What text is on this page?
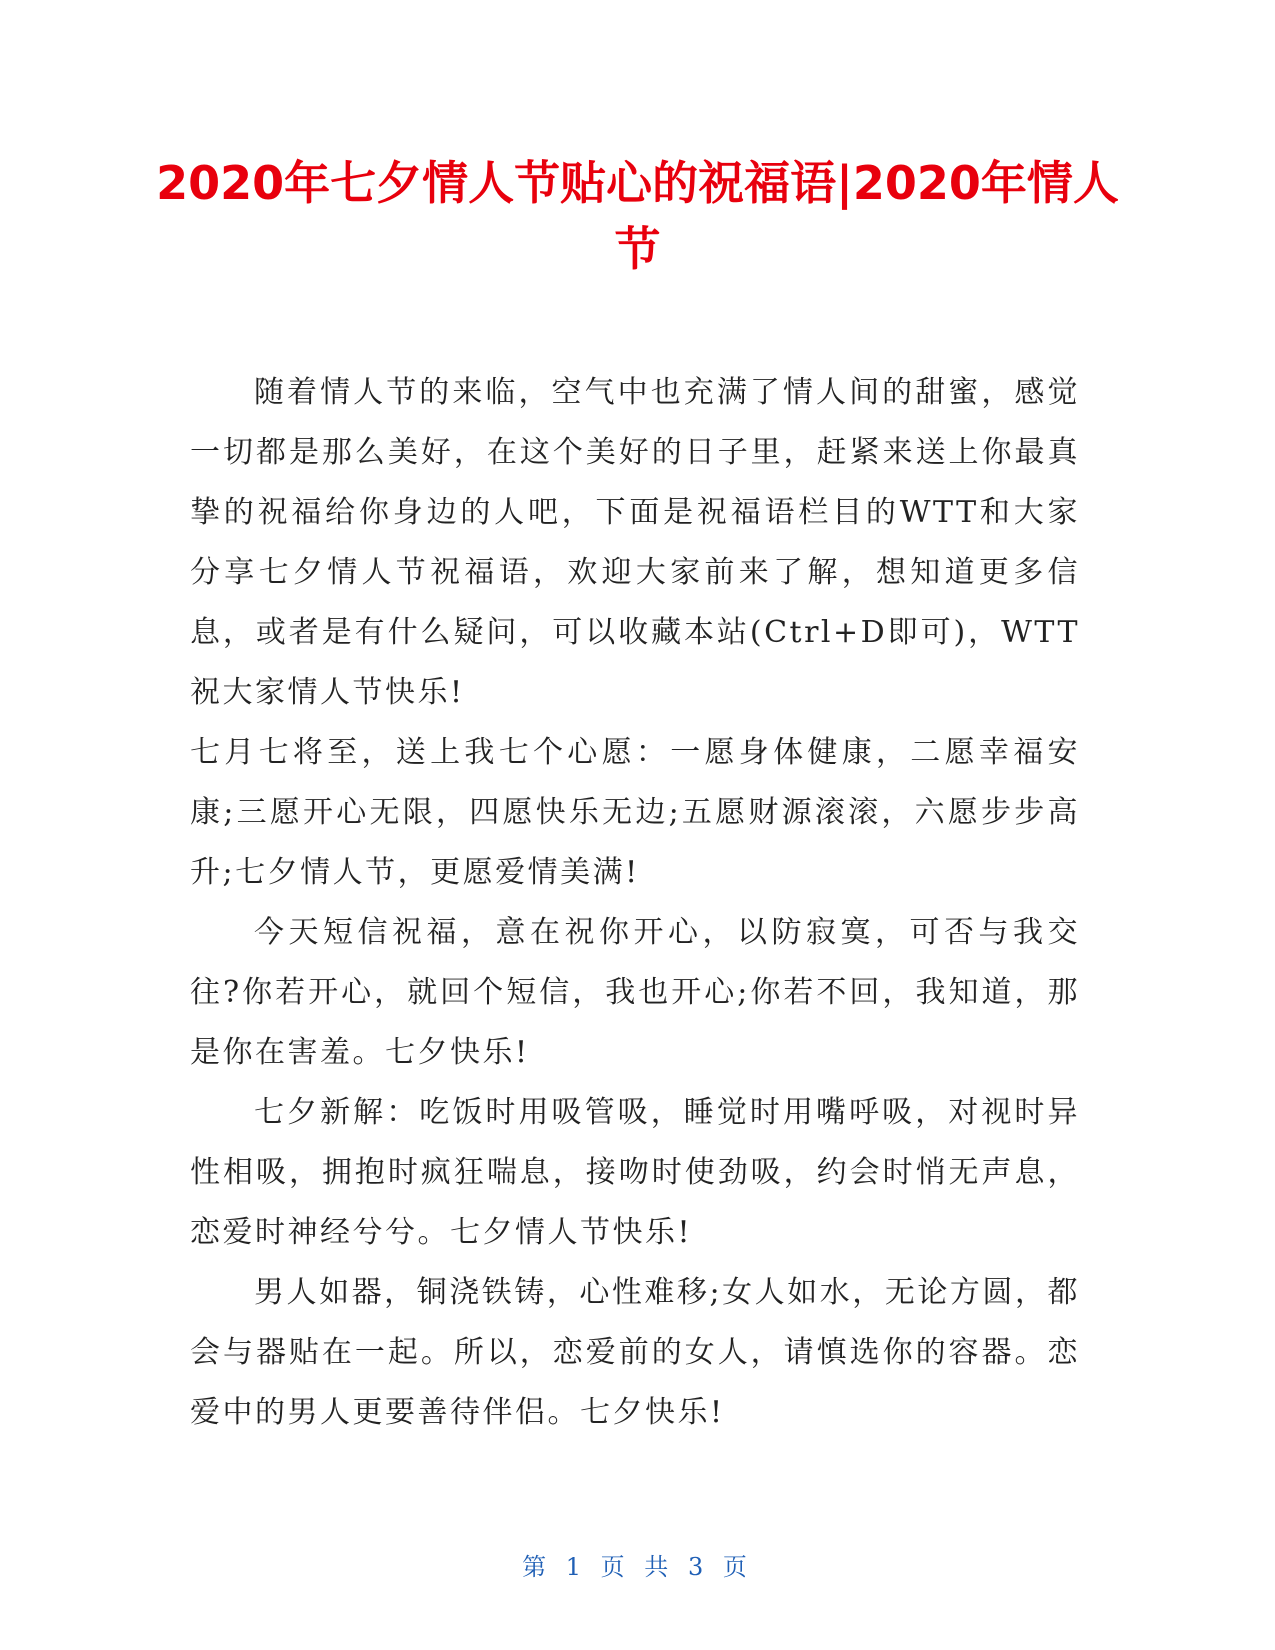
2020年七夕情人节贴心的祝福语|2020年情人节

随着情人节的来临，空气中也充满了情人间的甜蜜，感觉一切都是那么美好，在这个美好的日子里，赶紧来送上你最真挚的祝福给你身边的人吧，下面是祝福语栏目的WTT和大家分享七夕情人节祝福语，欢迎大家前来了解，想知道更多信息，或者是有什么疑问，可以收藏本站(Ctrl+D即可)，WTT祝大家情人节快乐!

七月七将至，送上我七个心愿：一愿身体健康，二愿幸福安康;三愿开心无限，四愿快乐无边;五愿财源滚滚，六愿步步高升;七夕情人节，更愿爱情美满!

今天短信祝福，意在祝你开心，以防寂寞，可否与我交往?你若开心，就回个短信，我也开心;你若不回，我知道，那是你在害羞。七夕快乐!

七夕新解：吃饭时用吸管吸，睡觉时用嘴呼吸，对视时异性相吸，拥抱时疯狂喘息，接吻时使劲吸，约会时悄无声息，恋爱时神经兮兮。七夕情人节快乐!

男人如器，铜浇铁铸，心性难移;女人如水，无论方圆，都会与器贴在一起。所以，恋爱前的女人，请慎选你的容器。恋爱中的男人更要善待伴侣。七夕快乐!

第 1 页 共 3 页
